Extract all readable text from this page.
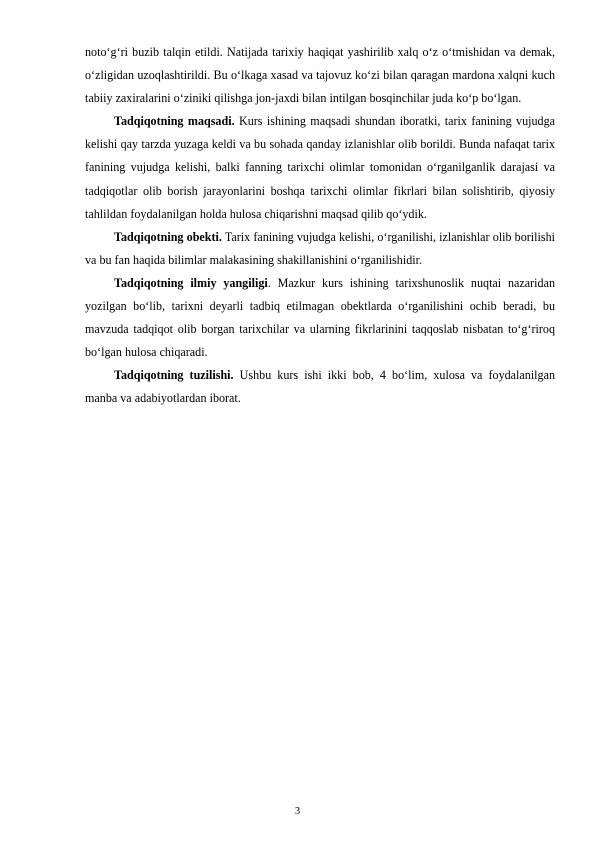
noto‘g‘ri buzib talqin etildi. Natijada tarixiy haqiqat yashirilib xalq o‘z o‘tmishidan va demak, o‘zligidan uzoqlashtirildi. Bu o‘lkaga xasad va tajovuz ko‘zi bilan qaragan mardona xalqni kuch tabiiy zaxiralarini o‘ziniki qilishga jon-jaxdi bilan intilgan bosqinchilar juda ko‘p bo‘lgan.

Tadqiqotning maqsadi. Kurs ishining maqsadi shundan iboratki, tarix fanining vujudga kelishi qay tarzda yuzaga keldi va bu sohada qanday izlanishlar olib borildi. Bunda nafaqat tarix fanining vujudga kelishi, balki fanning tarixchi olimlar tomonidan o‘rganilganlik darajasi va tadqiqotlar olib borish jarayonlarini boshqa tarixchi olimlar fikrlari bilan solishtirib, qiyosiy tahlildan foydalanilgan holda hulosa chiqarishni maqsad qilib qo‘ydik.

Tadqiqotning obekti. Tarix fanining vujudga kelishi, o‘rganilishi, izlanishlar olib borilishi va bu fan haqida bilimlar malakasining shakillanishini o‘rganilishidir.

Tadqiqotning ilmiy yangiligi. Mazkur kurs ishining tarixshunoslik nuqtai nazaridan yozilgan bo‘lib, tarixni deyarli tadbiq etilmagan obektlarda o‘rganilishini ochib beradi, bu mavzuda tadqiqot olib borgan tarixchilar va ularning fikrlarinini taqqoslab nisbatan to‘g‘riroq bo‘lgan hulosa chiqaradi.

Tadqiqotning tuzilishi. Ushbu kurs ishi ikki bob, 4 bo‘lim, xulosa va foydalanilgan manba va adabiyotlardan iborat.

3
